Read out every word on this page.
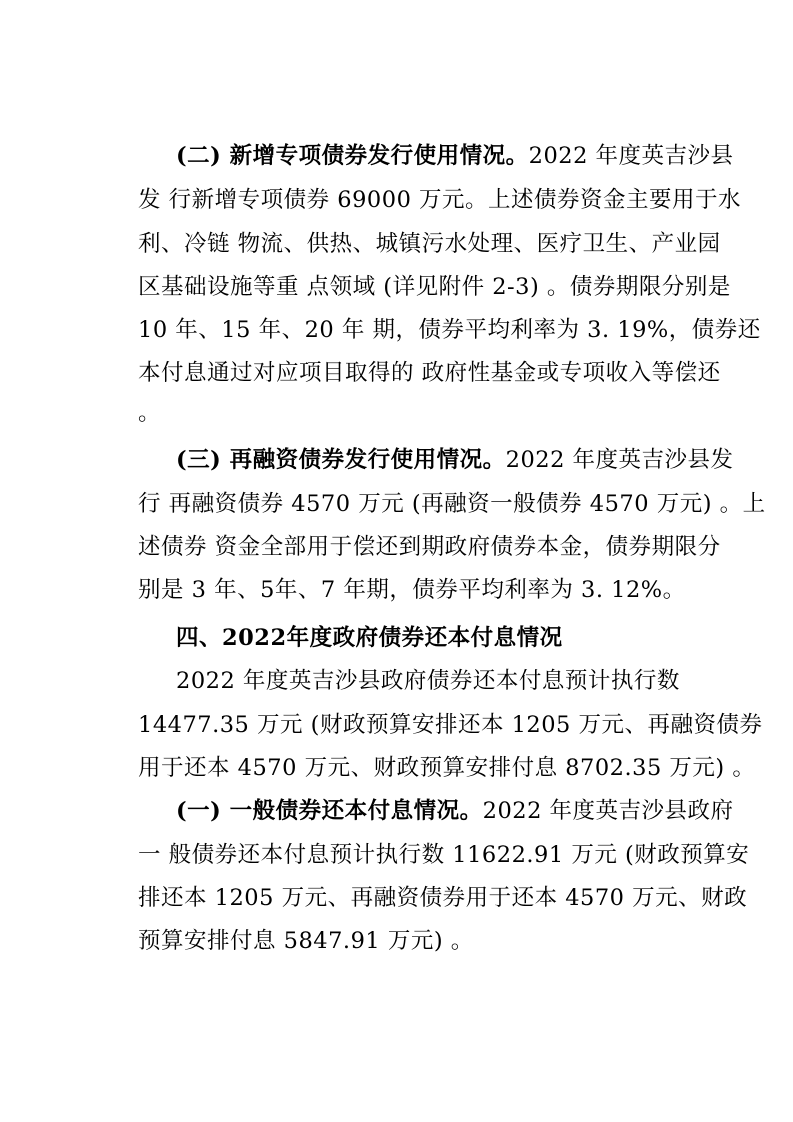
(二) 新增专项债券发行使用情况。2022 年度英吉沙县
发 行新增专项债券 69000 万元。上述债券资金主要用于水
利、冷链 物流、供热、城镇污水处理、医疗卫生、产业园
区基础设施等重 点领域 (详见附件 2-3) 。债券期限分别是
10 年、15 年、20 年 期，债券平均利率为 3. 19%，债券还
本付息通过对应项目取得的 政府性基金或专项收入等偿还
。
(三) 再融资债券发行使用情况。2022 年度英吉沙县发
行 再融资债券 4570 万元 (再融资一般债券 4570 万元) 。上
述债券 资金全部用于偿还到期政府债券本金，债券期限分
别是 3 年、5年、7 年期，债券平均利率为 3. 12%。
四、2022年度政府债券还本付息情况
2022 年度英吉沙县政府债券还本付息预计执行数
14477.35 万元 (财政预算安排还本 1205 万元、再融资债券
用于还本 4570 万元、财政预算安排付息 8702.35 万元) 。
(一) 一般债券还本付息情况。2022 年度英吉沙县政府
一 般债券还本付息预计执行数 11622.91 万元 (财政预算安
排还本 1205 万元、再融资债券用于还本 4570 万元、财政
预算安排付息 5847.91 万元) 。
